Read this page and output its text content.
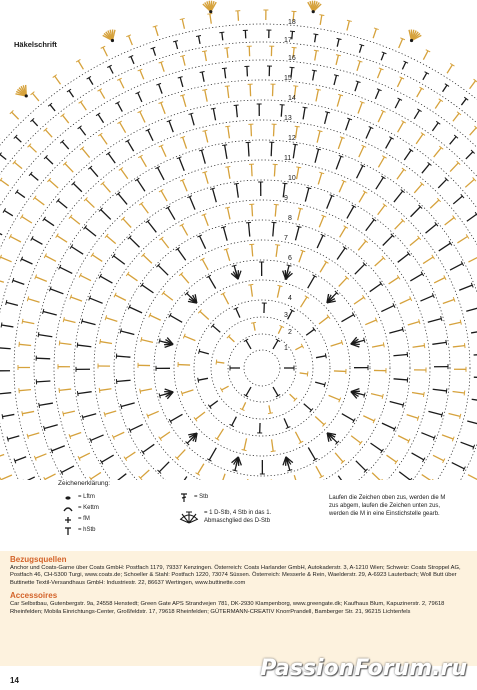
Häkelschrift
1
2
3
4
5
6
7
8
9
10
11
12
13
14
15
16
17
18
Zeichenerklärung:
= Lftm
= Kettm
= fM
= hStb
= Stb
= 1 D-Stb, 4 Stb in das 1. Abmaschglied des D-Stb
Laufen die Zeichen oben zus, werden die M zus abgem, laufen die Zeichen unten zus, werden die M in eine Einstichstelle gearb.
Bezugsquellen
Anchor und Coats-Garne über Coats GmbH: Postfach 1179, 79337 Kenzingen. Österreich: Coats Harlander GmbH, Autokaderstr. 3, A-1210 Wien; Schweiz: Coats Stroppel AG, Postfach 46, CH-5300 Turgi, www.coats.de; Schoeller & Stahl: Postfach 1220, 73074 Süssen. Österreich: Messerle & Rein, Waelderstr. 29, A-6923 Lauterbach; Woll Butt über Buttinette Textil-Versandhaus GmbH: Industriestr. 22, 86637 Wertingen, www.buttinette.com
Accessoires
Car Selbstbau, Gutenbergstr. 9a, 24558 Henstedt; Green Gate APS Strandvejen 781, DK-2930 Klampenborg, www.greengate.dk; Kaufhaus Blum, Kapuzinerstr. 2, 79618 Rheinfelden; Mobila Einrichtungs-Center, Großfeldstr. 17, 79618 Rheinfelden; GÜTERMANN-CREATIV KnorrPrandell, Bamberger Str. 21, 96215 Lichtenfels
14	PassionForum.ru
